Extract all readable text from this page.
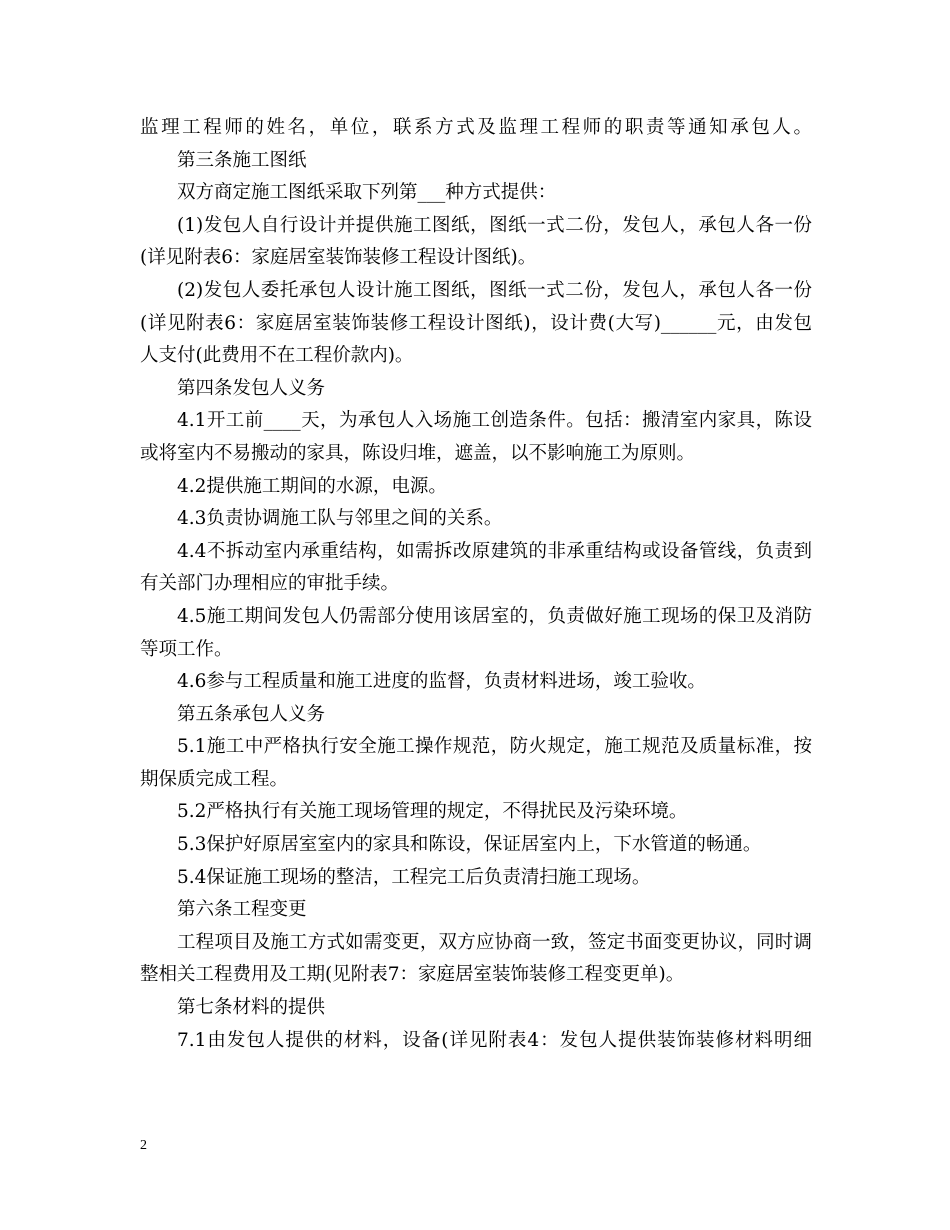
监理工程师的姓名，单位，联系方式及监理工程师的职责等通知承包人。
第三条施工图纸
双方商定施工图纸采取下列第___种方式提供：
(1)发包人自行设计并提供施工图纸，图纸一式二份，发包人，承包人各一份
(详见附表6：家庭居室装饰装修工程设计图纸)。
(2)发包人委托承包人设计施工图纸，图纸一式二份，发包人，承包人各一份
(详见附表6：家庭居室装饰装修工程设计图纸)，设计费(大写)______元，由发包
人支付(此费用不在工程价款内)。
第四条发包人义务
4.1开工前____天，为承包人入场施工创造条件。包括：搬清室内家具，陈设
或将室内不易搬动的家具，陈设归堆，遮盖，以不影响施工为原则。
4.2提供施工期间的水源，电源。
4.3负责协调施工队与邻里之间的关系。
4.4不拆动室内承重结构，如需拆改原建筑的非承重结构或设备管线，负责到
有关部门办理相应的审批手续。
4.5施工期间发包人仍需部分使用该居室的，负责做好施工现场的保卫及消防
等项工作。
4.6参与工程质量和施工进度的监督，负责材料进场，竣工验收。
第五条承包人义务
5.1施工中严格执行安全施工操作规范，防火规定，施工规范及质量标准，按
期保质完成工程。
5.2严格执行有关施工现场管理的规定，不得扰民及污染环境。
5.3保护好原居室室内的家具和陈设，保证居室内上，下水管道的畅通。
5.4保证施工现场的整洁，工程完工后负责清扫施工现场。
第六条工程变更
工程项目及施工方式如需变更，双方应协商一致，签定书面变更协议，同时调
整相关工程费用及工期(见附表7：家庭居室装饰装修工程变更单)。
第七条材料的提供
7.1由发包人提供的材料，设备(详见附表4：发包人提供装饰装修材料明细
2
